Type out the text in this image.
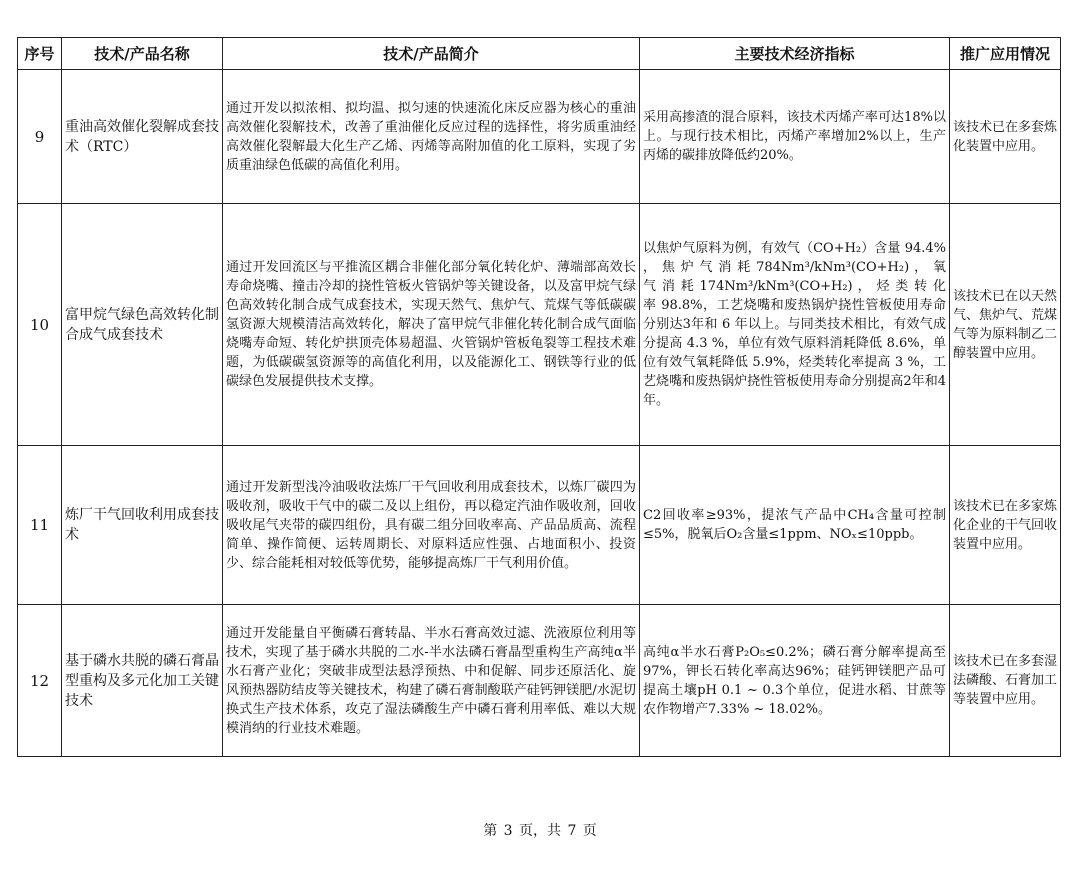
序号	技术/产品名称	技术/产品简介	主要技术经济指标	推广应用情况
9	重油高效催化裂解成套技术（RTC）	通过开发以拟浓相、拟均温、拟匀速的快速流化床反应器为核心的重油高效催化裂解技术，改善了重油催化反应过程的选择性，将劣质重油经高效催化裂解最大化生产乙烯、丙烯等高附加值的化工原料，实现了劣质重油绿色低碳的高值化利用。	采用高掺渣的混合原料，该技术丙烯产率可达18%以上。与现行技术相比，丙烯产率增加2%以上，生产丙烯的碳排放降低约20%。	该技术已在多套炼化装置中应用。
10	富甲烷气绿色高效转化制合成气成套技术	通过开发回流区与平推流区耦合非催化部分氧化转化炉、薄端部高效长寿命烧嘴、撞击冷却的挠性管板火管锅炉等关键设备，以及富甲烷气绿色高效转化制合成气成套技术，实现天然气、焦炉气、荒煤气等低碳碳氢资源大规模清洁高效转化，解决了富甲烷气非催化转化制合成气面临烧嘴寿命短、转化炉拱顶壳体易超温、火管锅炉管板龟裂等工程技术难题，为低碳碳氢资源等的高值化利用，以及能源化工、钢铁等行业的低碳绿色发展提供技术支撑。	以焦炉气原料为例，有效气（CO+H₂）含量 94.4% ， 焦 炉 气 消 耗 784Nm³/kNm³(CO+H₂) ， 氧 气 消 耗 174Nm³/kNm³(CO+H₂) ， 烃 类 转 化 率 98.8%，工艺烧嘴和废热锅炉挠性管板使用寿命分别达3年和 6 年以上。与同类技术相比，有效气成分提高 4.3 %，单位有效气原料消耗降低 8.6%，单位有效气氧耗降低 5.9%，烃类转化率提高 3 %，工艺烧嘴和废热锅炉挠性管板使用寿命分别提高2年和4年。	该技术已在以天然气、焦炉气、荒煤气等为原料制乙二醇装置中应用。
11	炼厂干气回收利用成套技术	通过开发新型浅冷油吸收法炼厂干气回收利用成套技术，以炼厂碳四为吸收剂，吸收干气中的碳二及以上组份，再以稳定汽油作吸收剂，回收吸收尾气夹带的碳四组份，具有碳二组分回收率高、产品品质高、流程简单、操作简便、运转周期长、对原料适应性强、占地面积小、投资少、综合能耗相对较低等优势，能够提高炼厂干气利用价值。	C2回收率≥93%，提浓气产品中CH₄含量可控制≤5%，脱氧后O₂含量≤1ppm、NOₓ≤10ppb。	该技术已在多家炼化企业的干气回收装置中应用。
12	基于磷水共脱的磷石膏晶型重构及多元化加工关键技术	通过开发能量自平衡磷石膏转晶、半水石膏高效过滤、洗液原位利用等技术，实现了基于磷水共脱的二水-半水法磷石膏晶型重构生产高纯α半水石膏产业化；突破非成型法悬浮预热、中和促解、同步还原活化、旋风预热器防结皮等关键技术，构建了磷石膏制酸联产硅钙钾镁肥/水泥切换式生产技术体系，攻克了湿法磷酸生产中磷石膏利用率低、难以大规模消纳的行业技术难题。	高纯α半水石膏P₂O₅≤0.2%；磷石膏分解率提高至97%，钾长石转化率高达96%；硅钙钾镁肥产品可提高土壤pH 0.1 ~ 0.3个单位，促进水稻、甘蔗等农作物增产7.33% ~ 18.02%。	该技术已在多套湿法磷酸、石膏加工等装置中应用。
第 3 页，共 7 页
